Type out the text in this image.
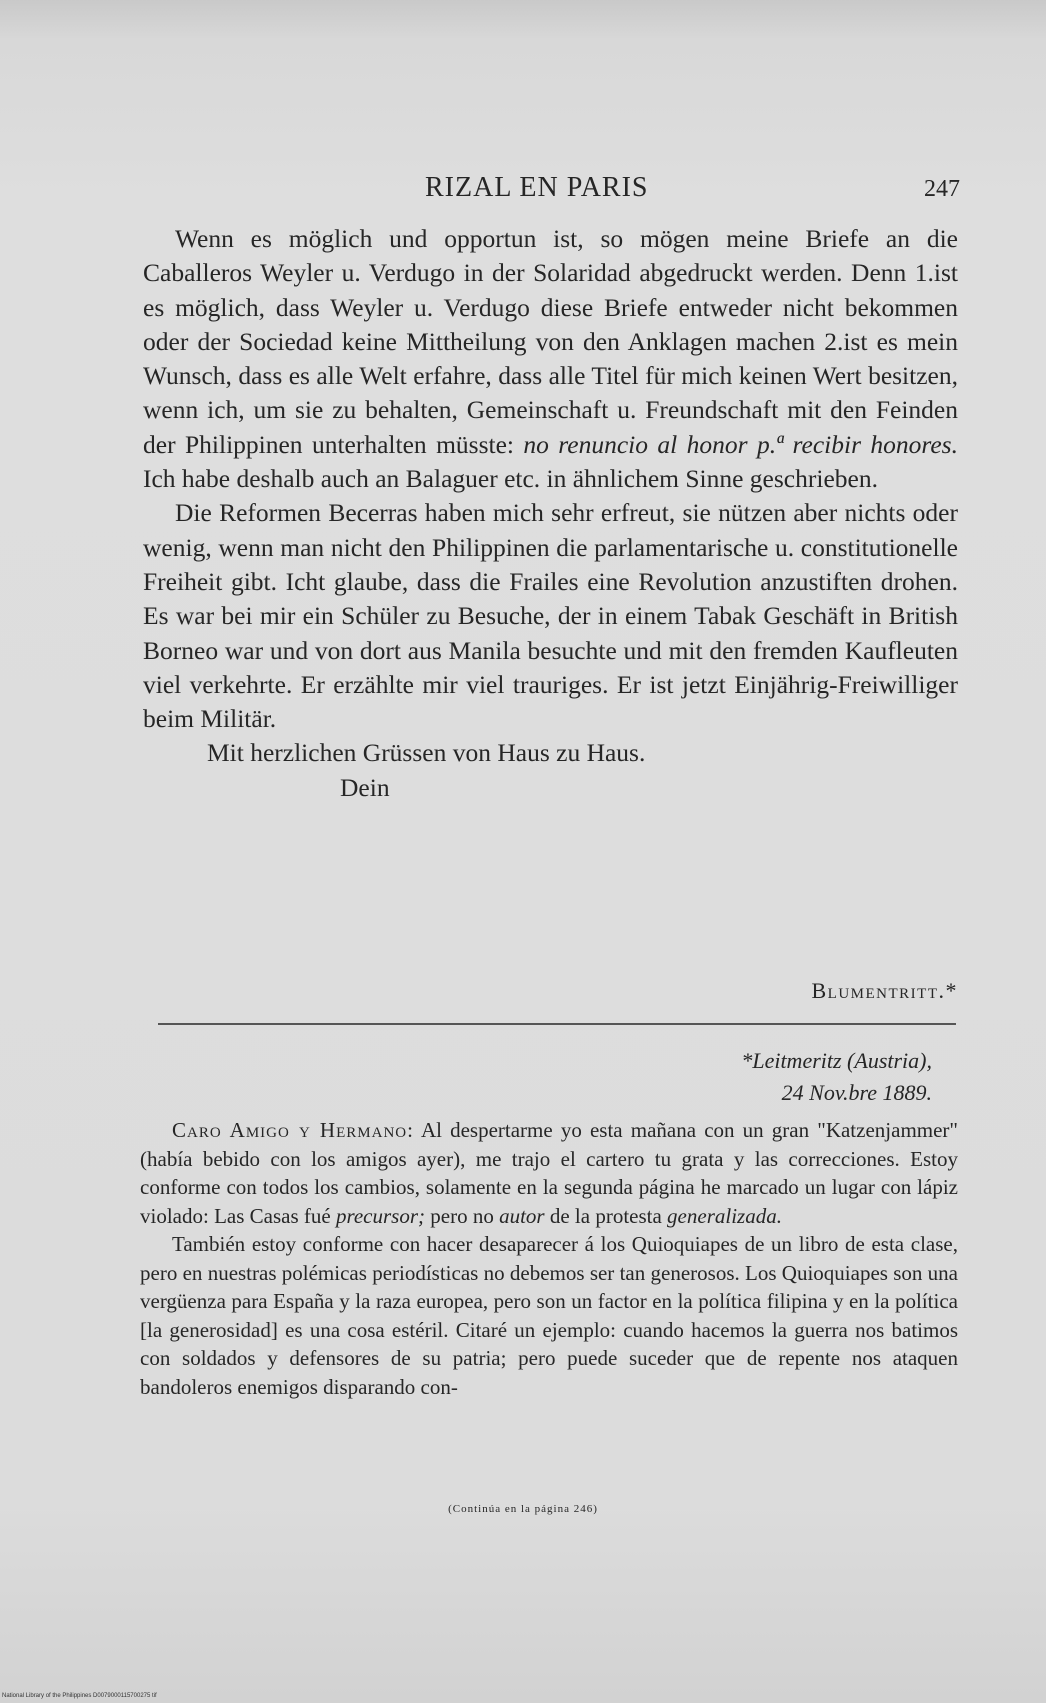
RIZAL EN PARIS	247

Wenn es möglich und opportun ist, so mögen meine Briefe an die Caballeros Weyler u. Verdugo in der Solaridad abgedruckt werden. Denn 1.ist es möglich, dass Weyler u. Verdugo diese Briefe entweder nicht bekommen oder der Sociedad keine Mittheilung von den Anklagen machen 2.ist es mein Wunsch, dass es alle Welt erfahre, dass alle Titel für mich keinen Wert besitzen, wenn ich, um sie zu behalten, Gemeinschaft u. Freundschaft mit den Feinden der Philippinen unterhalten müsste: no renuncio al honor p.ª recibir honores. Ich habe deshalb auch an Balaguer etc. in ähnlichem Sinne geschrieben.

Die Reformen Becerras haben mich sehr erfreut, sie nützen aber nichts oder wenig, wenn man nicht den Philippinen die parlamentarische u. constitutionelle Freiheit gibt. Icht glaube, dass die Frailes eine Revolution anzustiften drohen. Es war bei mir ein Schüler zu Besuche, der in einem Tabak Geschäft in British Borneo war und von dort aus Manila besuchte und mit den fremden Kaufleuten viel verkehrte. Er erzählte mir viel trauriges. Er ist jetzt Einjährig-Freiwilliger beim Militär.

Mit herzlichen Grüssen von Haus zu Haus.

Dein

Blumentritt.*
*Leitmeritz (Austria),
24 Nov.bre 1889.

Caro Amigo y Hermano: Al despertarme yo esta mañana con un gran "Katzenjammer" (había bebido con los amigos ayer), me trajo el cartero tu grata y las correcciones. Estoy conforme con todos los cambios, solamente en la segunda página he marcado un lugar con lápiz violado: Las Casas fué precursor; pero no autor de la protesta generalizada.

También estoy conforme con hacer desaparecer á los Quioquiapes de un libro de esta clase, pero en nuestras polémicas periodísticas no debemos ser tan generosos. Los Quioquiapes son una vergüenza para España y la raza europea, pero son un factor en la política filipina y en la política [la generosidad] es una cosa estéril. Citaré un ejemplo: cuando hacemos la guerra nos batimos con soldados y defensores de su patria; pero puede suceder que de repente nos ataquen bandoleros enemigos disparando con-

(Continúa en la página 246)
National Library of the Philippines D0079000115700275 tif
